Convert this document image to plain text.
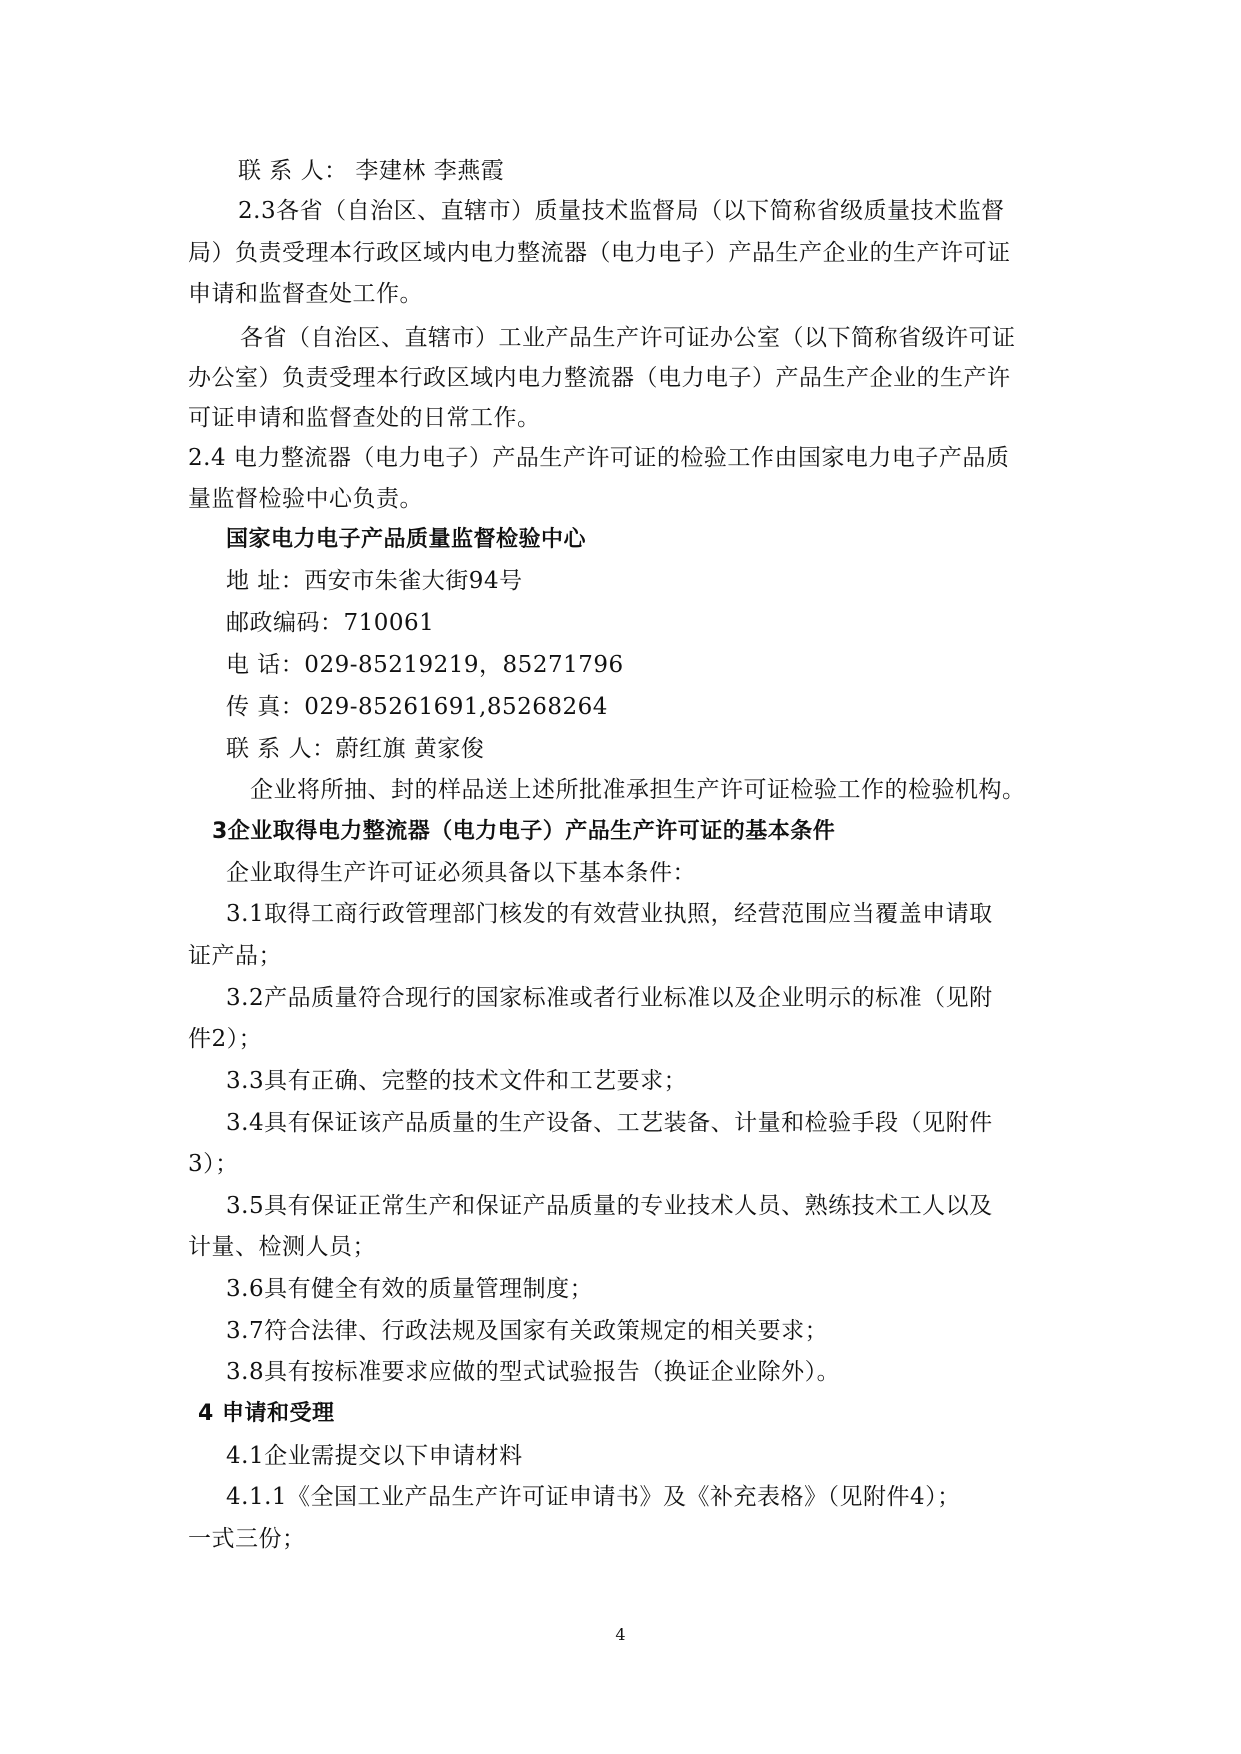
联 系 人： 李建林 李燕霞
2.3各省（自治区、直辖市）质量技术监督局（以下简称省级质量技术监督
局）负责受理本行政区域内电力整流器（电力电子）产品生产企业的生产许可证
申请和监督查处工作。
各省（自治区、直辖市）工业产品生产许可证办公室（以下简称省级许可证
办公室）负责受理本行政区域内电力整流器（电力电子）产品生产企业的生产许
可证申请和监督查处的日常工作。
2.4 电力整流器（电力电子）产品生产许可证的检验工作由国家电力电子产品质
量监督检验中心负责。
国家电力电子产品质量监督检验中心
地 址：西安市朱雀大街94号
邮政编码：710061
电 话：029-85219219，85271796
传 真：029-85261691,85268264
联 系 人：蔚红旗 黄家俊
企业将所抽、封的样品送上述所批准承担生产许可证检验工作的检验机构。
3企业取得电力整流器（电力电子）产品生产许可证的基本条件
企业取得生产许可证必须具备以下基本条件：
3.1取得工商行政管理部门核发的有效营业执照，经营范围应当覆盖申请取
证产品；
3.2产品质量符合现行的国家标准或者行业标准以及企业明示的标准（见附
件2）；
3.3具有正确、完整的技术文件和工艺要求；
3.4具有保证该产品质量的生产设备、工艺装备、计量和检验手段（见附件
3）；
3.5具有保证正常生产和保证产品质量的专业技术人员、熟练技术工人以及
计量、检测人员；
3.6具有健全有效的质量管理制度；
3.7符合法律、行政法规及国家有关政策规定的相关要求；
3.8具有按标准要求应做的型式试验报告（换证企业除外）。
4 申请和受理
4.1企业需提交以下申请材料
4.1.1《全国工业产品生产许可证申请书》及《补充表格》（见附件4）；
一式三份；
4
